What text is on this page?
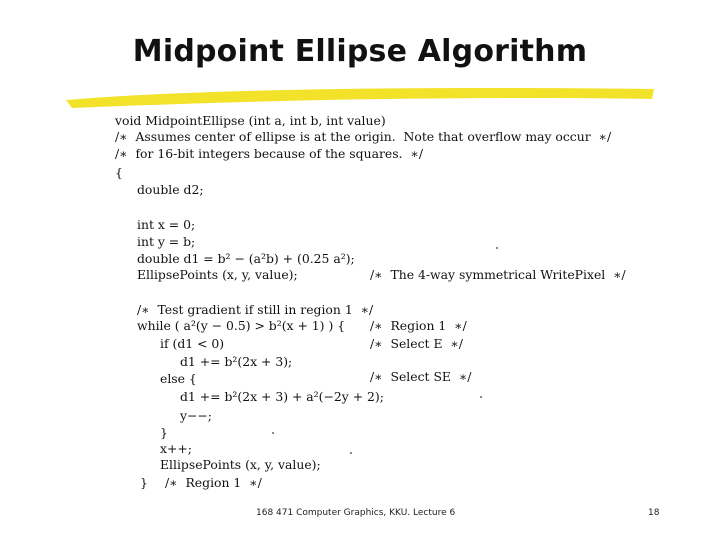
Midpoint Ellipse Algorithm
void MidpointEllipse (int a, int b, int value)
/∗  Assumes center of ellipse is at the origin.  Note that overflow may occur  ∗/
/∗  for 16-bit integers because of the squares.  ∗/
{
double d2;
int x = 0;
int y = b;
double d1 = b² − (a²b) + (0.25 a²);
EllipsePoints (x, y, value);	/∗  The 4-way symmetrical WritePixel  ∗/
/∗  Test gradient if still in region 1  ∗/
while ( a²(y − 0.5) > b²(x + 1) ) { /∗  Region 1  ∗/
if (d1 < 0)	/∗  Select E  ∗/
d1 += b²(2x + 3);
else {	/∗  Select SE  ∗/
d1 += b²(2x + 3) + a²(−2y + 2);
y−−;
}
x++;
EllipsePoints (x, y, value);
} /∗  Region 1  ∗/
168 471 Computer Graphics, KKU. Lecture 6	18
